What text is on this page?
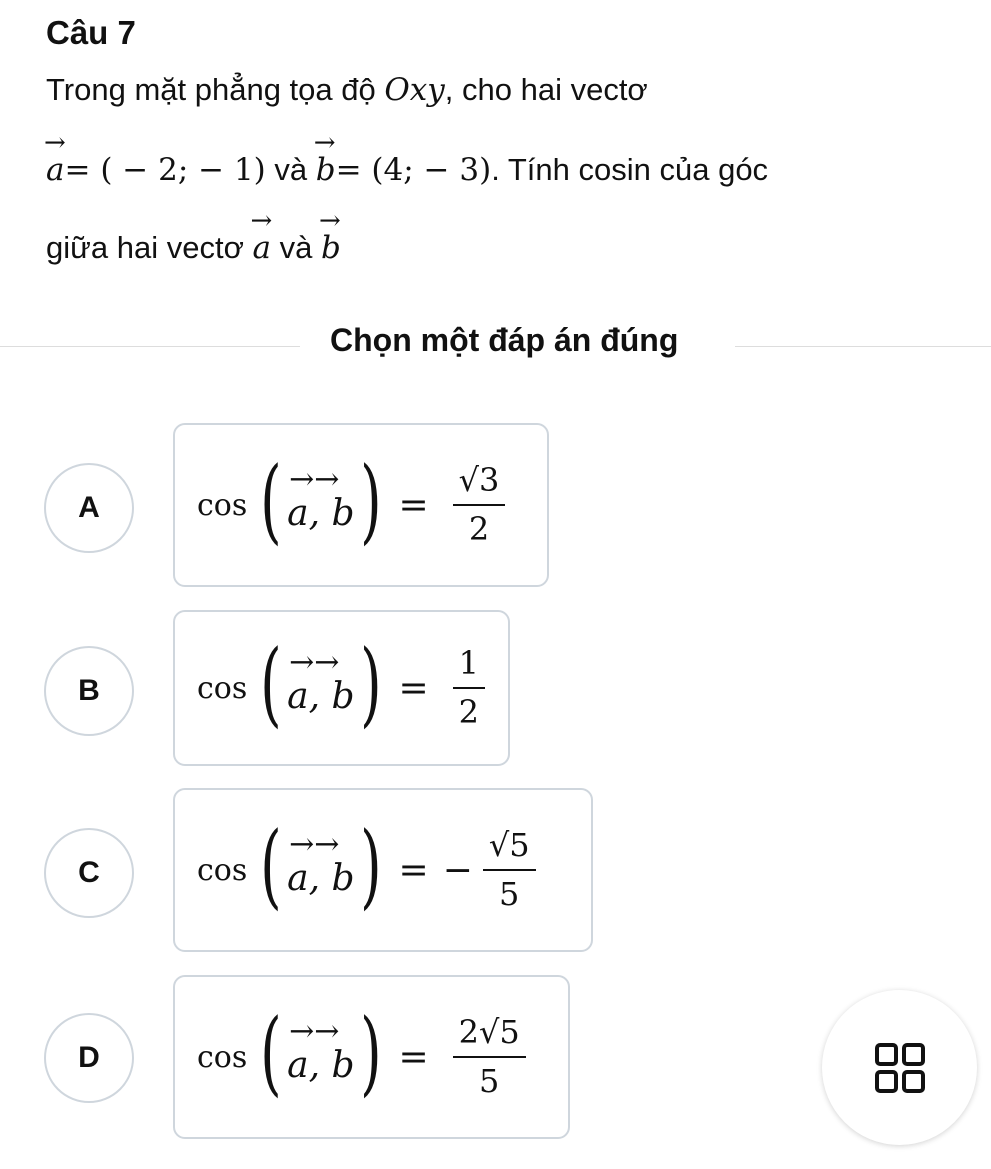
Câu 7
Trong mặt phẳng tọa độ Oxy, cho hai vectơ
→
a= ( − 2; − 1) và
→
b= (4; − 3). Tính cosin của góc
giữa hai vectơ
→
a và
→
b
Chọn một đáp án đúng
A	cos ( →→
a, b ) = $\frac{√3}{2}$
B	cos ( →→
a, b ) = $\frac{1}{2}$
C	cos ( →→
a, b ) = − $\frac{√5}{5}$
D	cos ( →→
a, b ) = $\frac{2√5}{5}$
